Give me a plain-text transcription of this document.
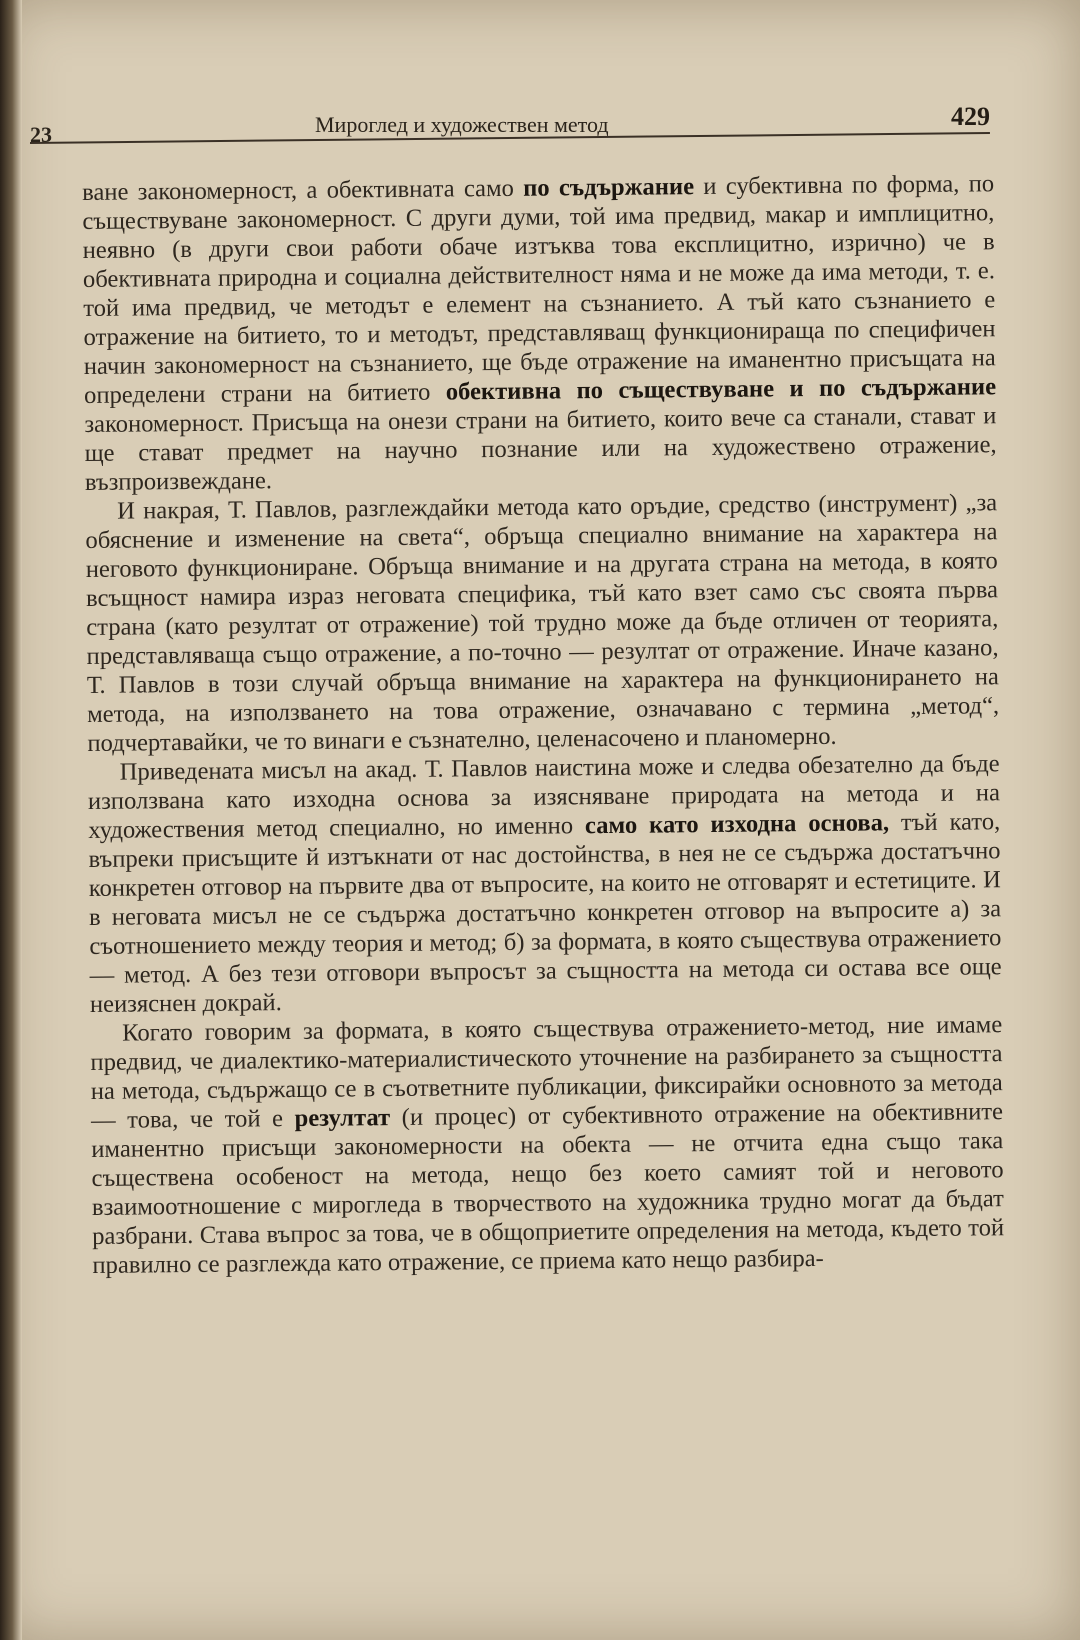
23	Мироглед и художествен метод	429

ване закономерност, а обективната само по съдържание и субективна по форма, по съществуване закономерност. С други думи, той има предвид, макар и имплицитно, неявно (в други свои работи обаче изтъква това експлицитно, изрично) че в обективната природна и социална действителност няма и не може да има методи, т. е. той има предвид, че методът е елемент на съзнанието. А тъй като съзнанието е отражение на битието, то и методът, представляващ функционираща по специфичен начин закономерност на съзнанието, ще бъде отражение на иманентно присъщата на определени страни на битието обективна по съществуване и по съдържание закономерност. Присъща на онези страни на битието, които вече са станали, стават и ще стават предмет на научно познание или на художествено отражение, възпроизвеждане.

И накрая, Т. Павлов, разглеждайки метода като оръдие, средство (инструмент) „за обяснение и изменение на света“, обръща специално внимание на характера на неговото функциониране. Обръща внимание и на другата страна на метода, в която всъщност намира израз неговата специфика, тъй като взет само със своята първа страна (като резултат от отражение) той трудно може да бъде отличен от теорията, представляваща също отражение, а по-точно — резултат от отражение. Иначе казано, Т. Павлов в този случай обръща внимание на характера на функционирането на метода, на използването на това отражение, означавано с термина „метод“, подчертавайки, че то винаги е съзнателно, целенасочено и планомерно.

Приведената мисъл на акад. Т. Павлов наистина може и следва обезателно да бъде използвана като изходна основа за изясняване природата на метода и на художествения метод специално, но именно само като изходна основа, тъй като, въпреки присъщите й изтъкнати от нас достойнства, в нея не се съдържа достатъчно конкретен отговор на първите два от въпросите, на които не отговарят и естетиците. И в неговата мисъл не се съдържа достатъчно конкретен отговор на въпросите а) за съотношението между теория и метод; б) за формата, в която съществува отражението — метод. А без тези отговори въпросът за същността на метода си остава все още неизяснен докрай.

Когато говорим за формата, в която съществува отражението-метод, ние имаме предвид, че диалектико-материалистическото уточнение на разбирането за същността на метода, съдържащо се в съответните публикации, фиксирайки основното за метода — това, че той е резултат (и процес) от субективното отражение на обективните иманентно присъщи закономерности на обекта — не отчита една също така съществена особеност на метода, нещо без което самият той и неговото взаимоотношение с мирогледа в творчеството на художника трудно могат да бъдат разбрани. Става въпрос за това, че в общоприетите определения на метода, където той правилно се разглежда като отражение, се приема като нещо разбира-
